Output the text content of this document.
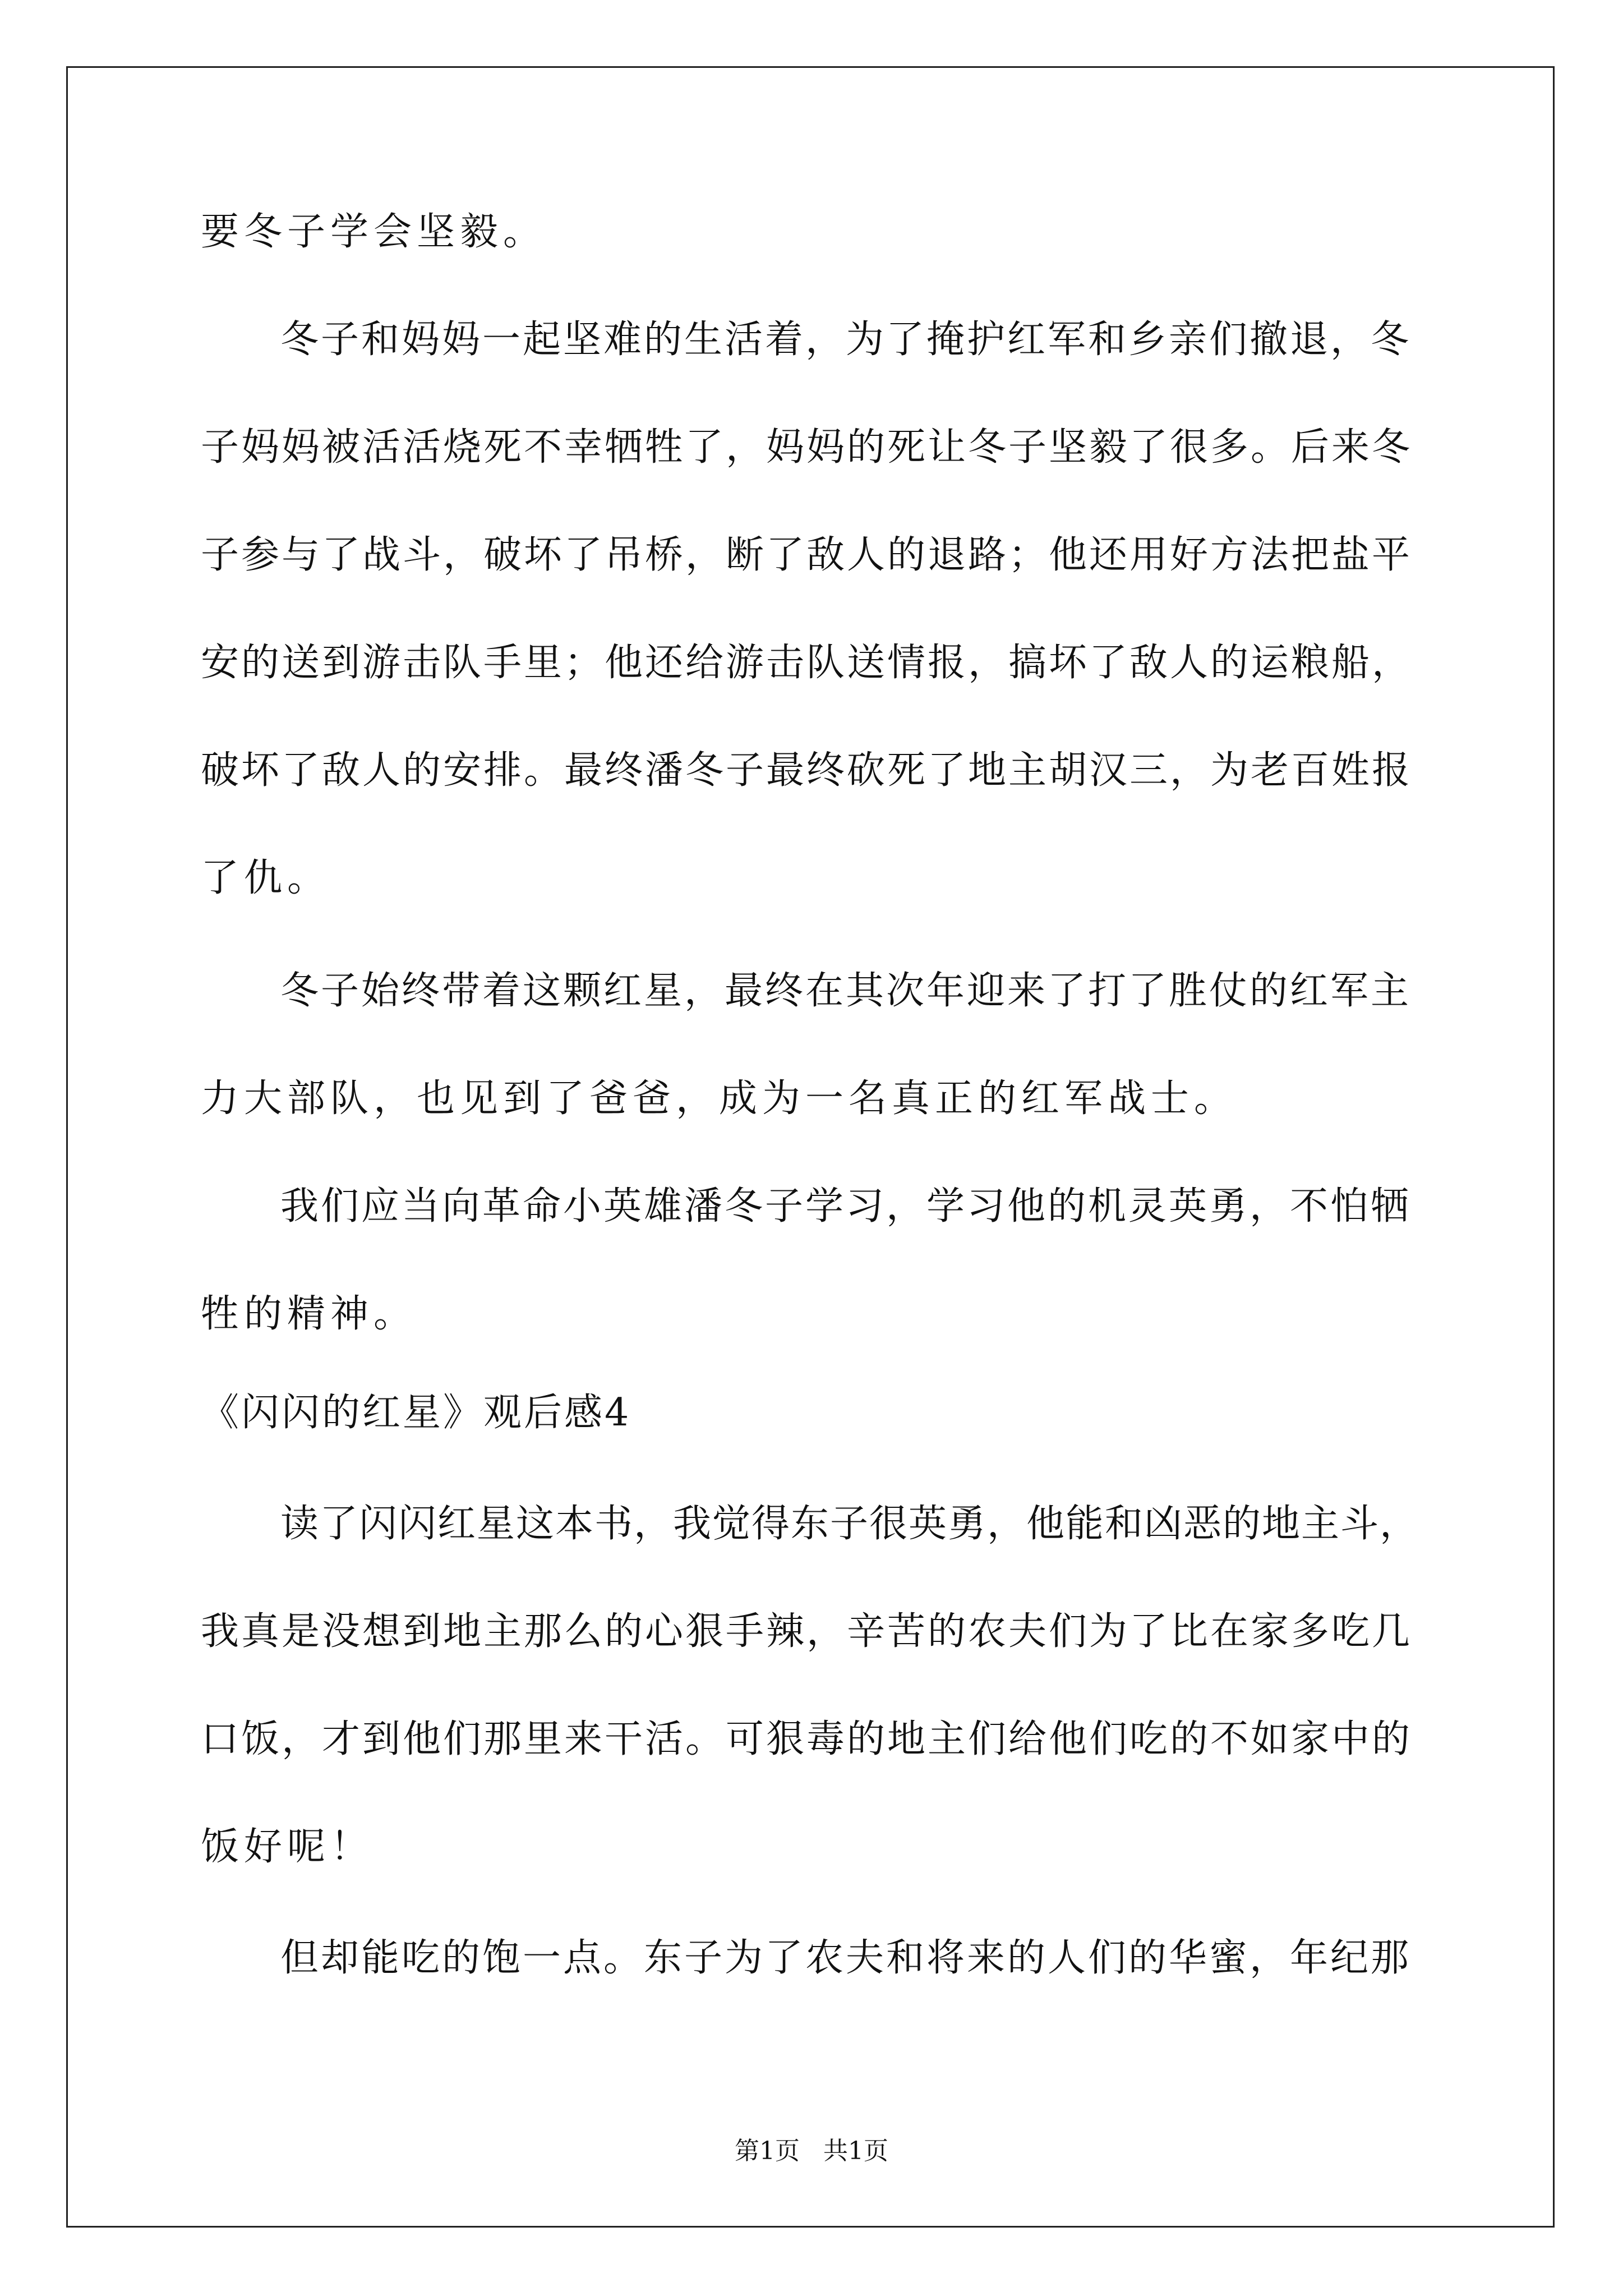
要冬子学会坚毅。

冬子和妈妈一起坚难的生活着，为了掩护红军和乡亲们撤退，冬

子妈妈被活活烧死不幸牺牲了，妈妈的死让冬子坚毅了很多。后来冬

子参与了战斗，破坏了吊桥，断了敌人的退路；他还用好方法把盐平

安的送到游击队手里；他还给游击队送情报，搞坏了敌人的运粮船，

破坏了敌人的安排。最终潘冬子最终砍死了地主胡汉三，为老百姓报

了仇。

冬子始终带着这颗红星，最终在其次年迎来了打了胜仗的红军主

力大部队，也见到了爸爸，成为一名真正的红军战士。

我们应当向革命小英雄潘冬子学习，学习他的机灵英勇，不怕牺

牲的精神。

《闪闪的红星》观后感4

读了闪闪红星这本书，我觉得东子很英勇，他能和凶恶的地主斗，

我真是没想到地主那么的心狠手辣，辛苦的农夫们为了比在家多吃几

口饭，才到他们那里来干活。可狠毒的地主们给他们吃的不如家中的

饭好呢！

但却能吃的饱一点。东子为了农夫和将来的人们的华蜜，年纪那

第1页   共1页
